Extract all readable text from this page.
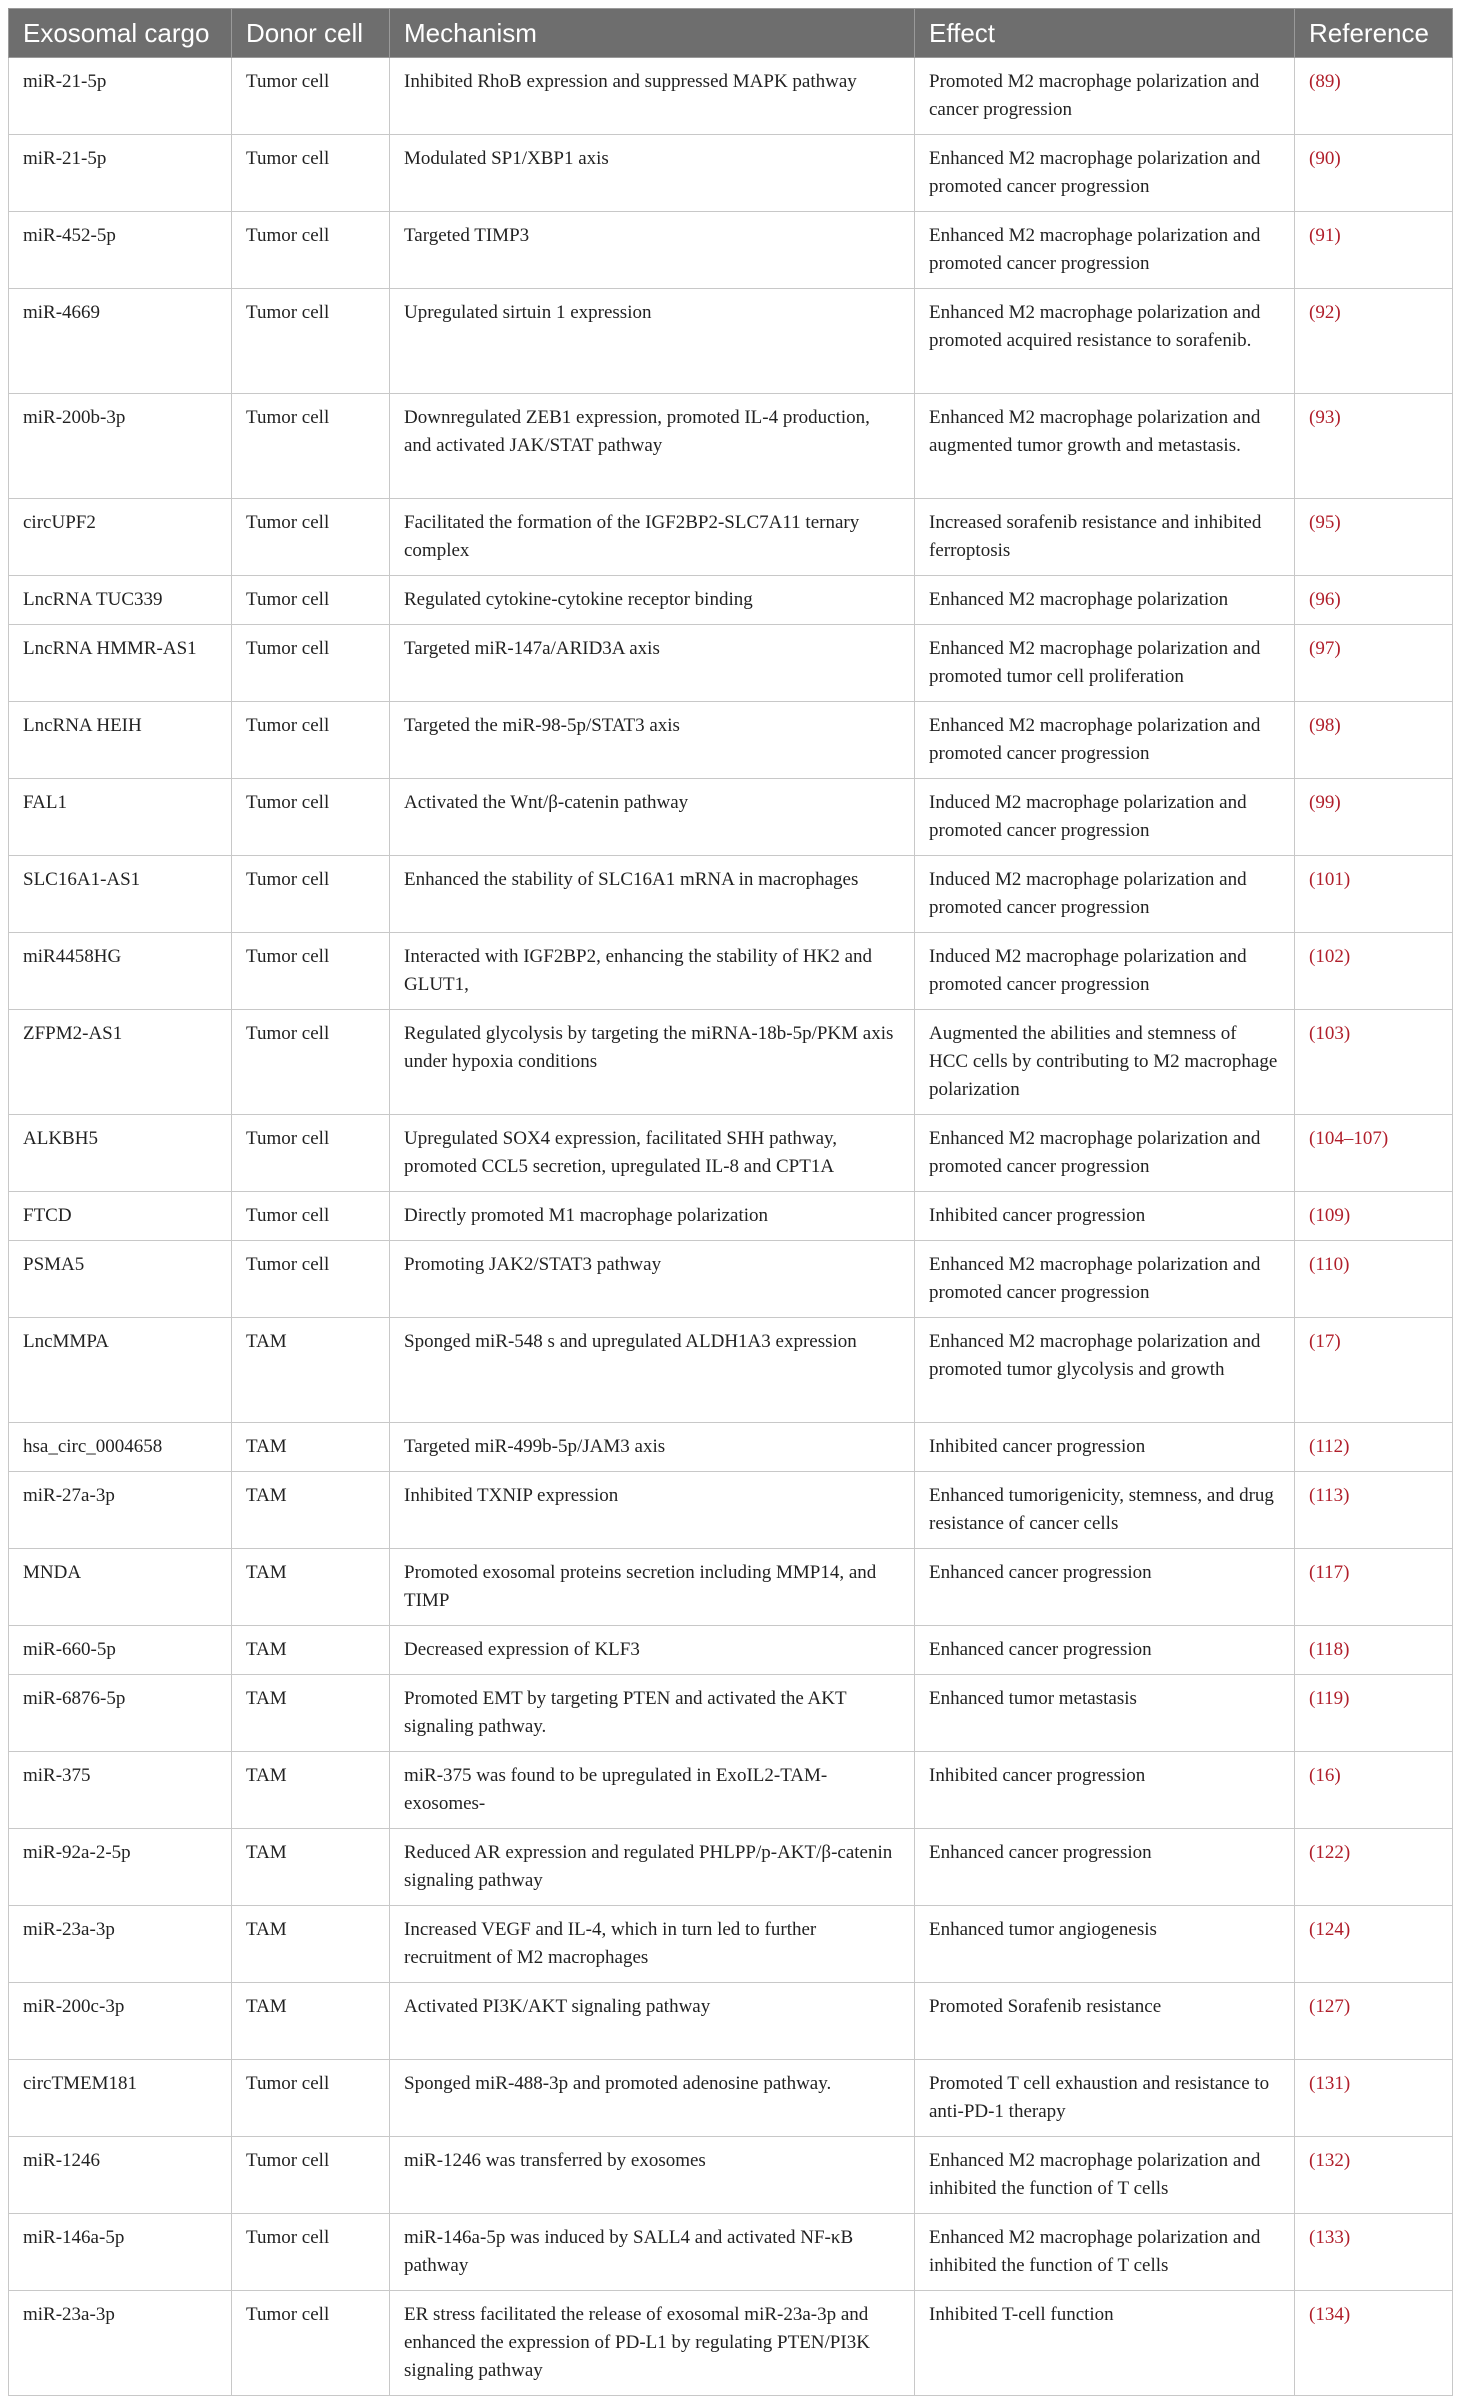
Exosomal cargo	Donor cell	Mechanism	Effect	Reference
miR-21-5p	Tumor cell	Inhibited RhoB expression and suppressed MAPK pathway	Promoted M2 macrophage polarization and cancer progression	(89)
miR-21-5p	Tumor cell	Modulated SP1/XBP1 axis	Enhanced M2 macrophage polarization and promoted cancer progression	(90)
miR-452-5p	Tumor cell	Targeted TIMP3	Enhanced M2 macrophage polarization and promoted cancer progression	(91)
miR-4669	Tumor cell	Upregulated sirtuin 1 expression	Enhanced M2 macrophage polarization and promoted acquired resistance to sorafenib.	(92)
miR-200b-3p	Tumor cell	Downregulated ZEB1 expression, promoted IL-4 production, and activated JAK/STAT pathway	Enhanced M2 macrophage polarization and augmented tumor growth and metastasis.	(93)
circUPF2	Tumor cell	Facilitated the formation of the IGF2BP2-SLC7A11 ternary complex	Increased sorafenib resistance and inhibited ferroptosis	(95)
LncRNA TUC339	Tumor cell	Regulated cytokine-cytokine receptor binding	Enhanced M2 macrophage polarization	(96)
LncRNA HMMR-AS1	Tumor cell	Targeted miR-147a/ARID3A axis	Enhanced M2 macrophage polarization and promoted tumor cell proliferation	(97)
LncRNA HEIH	Tumor cell	Targeted the miR-98-5p/STAT3 axis	Enhanced M2 macrophage polarization and promoted cancer progression	(98)
FAL1	Tumor cell	Activated the Wnt/β-catenin pathway	Induced M2 macrophage polarization and promoted cancer progression	(99)
SLC16A1-AS1	Tumor cell	Enhanced the stability of SLC16A1 mRNA in macrophages	Induced M2 macrophage polarization and promoted cancer progression	(101)
miR4458HG	Tumor cell	Interacted with IGF2BP2, enhancing the stability of HK2 and GLUT1,	Induced M2 macrophage polarization and promoted cancer progression	(102)
ZFPM2-AS1	Tumor cell	Regulated glycolysis by targeting the miRNA-18b-5p/PKM axis under hypoxia conditions	Augmented the abilities and stemness of HCC cells by contributing to M2 macrophage polarization	(103)
ALKBH5	Tumor cell	Upregulated SOX4 expression, facilitated SHH pathway, promoted CCL5 secretion, upregulated IL-8 and CPT1A	Enhanced M2 macrophage polarization and promoted cancer progression	(104–107)
FTCD	Tumor cell	Directly promoted M1 macrophage polarization	Inhibited cancer progression	(109)
PSMA5	Tumor cell	Promoting JAK2/STAT3 pathway	Enhanced M2 macrophage polarization and promoted cancer progression	(110)
LncMMPA	TAM	Sponged miR-548 s and upregulated ALDH1A3 expression	Enhanced M2 macrophage polarization and promoted tumor glycolysis and growth	(17)
hsa_circ_0004658	TAM	Targeted miR-499b-5p/JAM3 axis	Inhibited cancer progression	(112)
miR-27a-3p	TAM	Inhibited TXNIP expression	Enhanced tumorigenicity, stemness, and drug resistance of cancer cells	(113)
MNDA	TAM	Promoted exosomal proteins secretion including MMP14, and TIMP	Enhanced cancer progression	(117)
miR-660-5p	TAM	Decreased expression of KLF3	Enhanced cancer progression	(118)
miR-6876-5p	TAM	Promoted EMT by targeting PTEN and activated the AKT signaling pathway.	Enhanced tumor metastasis	(119)
miR-375	TAM	miR-375 was found to be upregulated in ExoIL2-TAM-exosomes-	Inhibited cancer progression	(16)
miR-92a-2-5p	TAM	Reduced AR expression and regulated PHLPP/p-AKT/β-catenin signaling pathway	Enhanced cancer progression	(122)
miR-23a-3p	TAM	Increased VEGF and IL-4, which in turn led to further recruitment of M2 macrophages	Enhanced tumor angiogenesis	(124)
miR-200c-3p	TAM	Activated PI3K/AKT signaling pathway	Promoted Sorafenib resistance	(127)
circTMEM181	Tumor cell	Sponged miR-488-3p and promoted adenosine pathway.	Promoted T cell exhaustion and resistance to anti-PD-1 therapy	(131)
miR-1246	Tumor cell	miR-1246 was transferred by exosomes	Enhanced M2 macrophage polarization and inhibited the function of T cells	(132)
miR-146a-5p	Tumor cell	miR-146a-5p was induced by SALL4 and activated NF-κB pathway	Enhanced M2 macrophage polarization and inhibited the function of T cells	(133)
miR-23a-3p	Tumor cell	ER stress facilitated the release of exosomal miR-23a-3p and enhanced the expression of PD-L1 by regulating PTEN/PI3K signaling pathway	Inhibited T-cell function	(134)
